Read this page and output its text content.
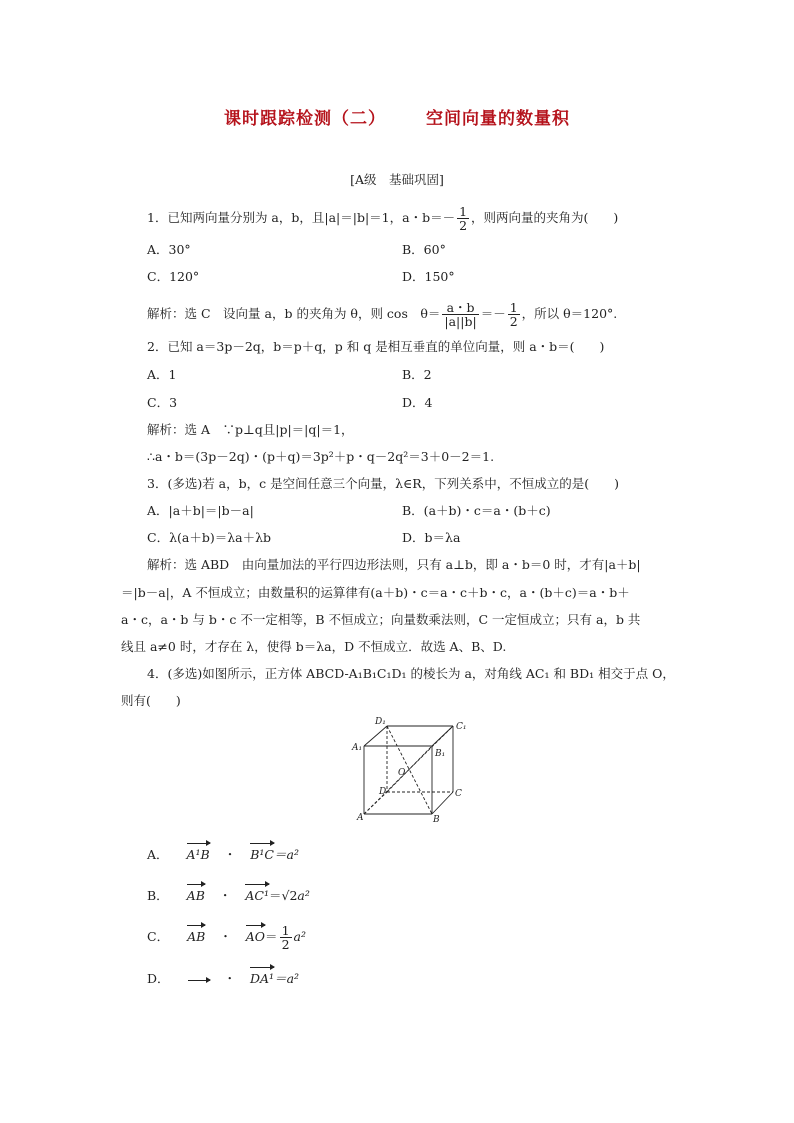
课时跟踪检测（二） 空间向量的数量积
[A级　基础巩固]
1．已知两向量分别为 a，b，且|a|＝|b|＝1，a・$b=- \frac{1}{2}$ ，则两向量的夹角为(　　)
A．30°	B．60°
C．120°	D．150°
解析：选 C　设向量 a，b 的夹角为 θ，则 cos　$\theta= \frac{a・b}{|a||b|} =- \frac{1}{2}$ ，所以 θ＝120°.
2．已知 a＝3p－2q，b＝p＋q，p 和 q 是相互垂直的单位向量，则 a・b＝(　　)
A．1	B．2
C．3	D．4
解析：选 A　∵p⊥q且|p|＝|q|＝1，
∴a・b＝(3p－2q)・(p＋q)＝3p²＋p・q－2q²＝3＋0－2＝1.
3．(多选)若 a，b，c 是空间任意三个向量，λ∈R，下列关系中，不恒成立的是(　　)
A．|a＋b|＝|b－a|	B．(a＋b)・c＝a・(b＋c)
C．λ(a＋b)＝λa＋λb	D．b＝λa
解析：选 ABD　由向量加法的平行四边形法则，只有 a⊥b，即 a・b＝0 时，才有|a＋b|
＝|b－a|，A 不恒成立；由数量积的运算律有(a＋b)・c＝a・c＋b・c，a・(b＋c)＝a・b＋
a・c，a・b 与 b・c 不一定相等，B 不恒成立；向量数乘法则，C 一定恒成立；只有 a，b 共
线且 a≠0 时，才存在 λ，使得 b＝λa，D 不恒成立．故选 A、B、D.
4．(多选)如图所示，正方体 ABCD-A₁B₁C₁D₁ 的棱长为 a，对角线 AC₁ 和 BD₁ 相交于点 O，
则有(　　)
D₁	C₁
A₁
B₁
O
D	C
A	B
A． A¹B ・ B¹C＝a²
B． AB ・ AC¹＝√2a²
C． AB ・ $AO= \frac{1}{2} a^2$
D．	・ DA¹＝a²
